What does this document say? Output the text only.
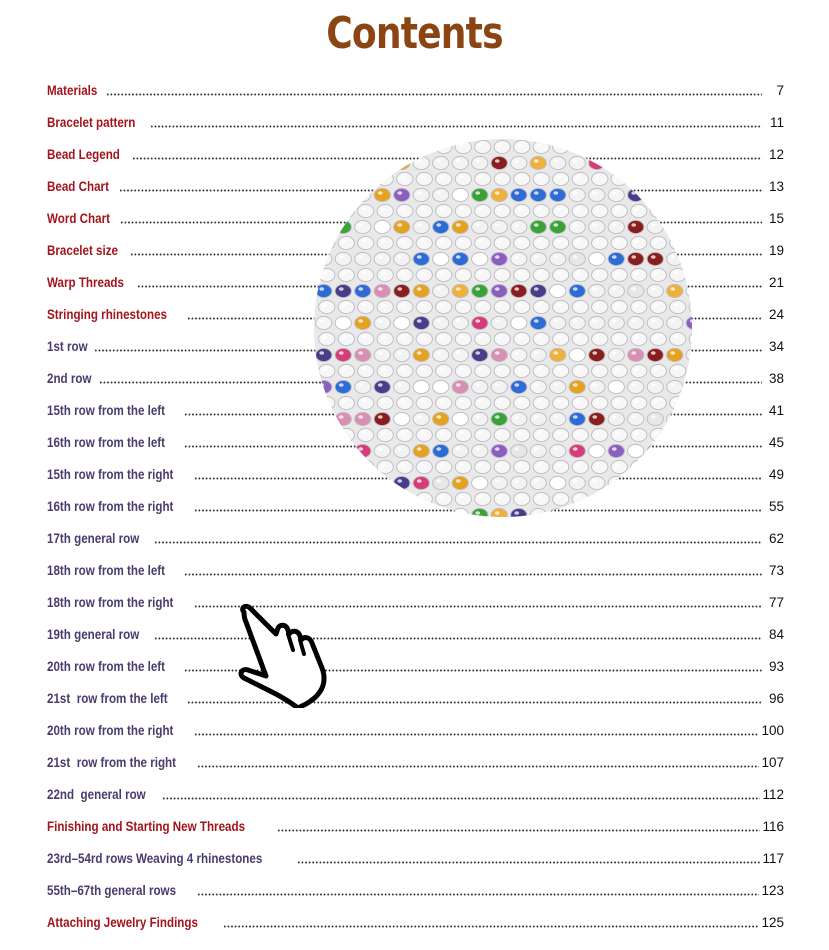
Contents
Materials	7
Bracelet pattern	11
Bead Legend	12
Bead Chart	13
Word Chart	15
Bracelet size	19
Warp Threads	21
Stringing rhinestones	24
1st row	34
2nd row	38
15th row from the left	41
16th row from the left	45
15th row from the right	49
16th row from the right	55
17th general row	62
18th row from the left	73
18th row from the right	77
19th general row	84
20th row from the left	93
21st  row from the left	96
20th row from the right	100
21st  row from the right	107
22nd  general row	112
Finishing and Starting New Threads	116
23rd–54rd rows Weaving 4 rhinestones	117
55th–67th general rows	123
Attaching Jewelry Findings	125
